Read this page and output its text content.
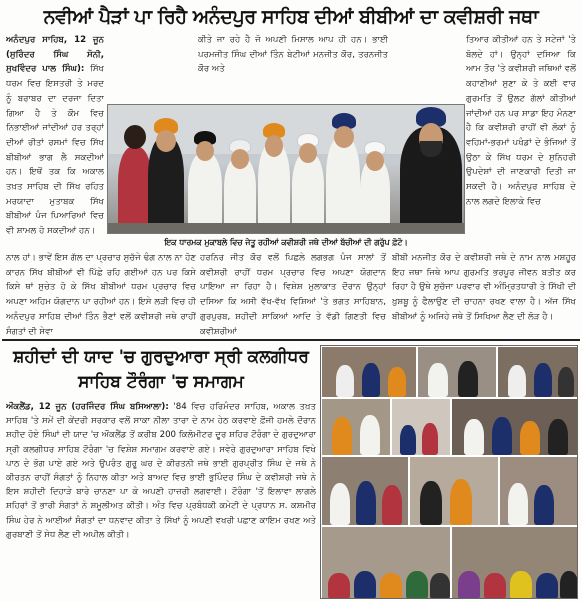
ਨਵੀਆਂ ਪੈੜਾਂ ਪਾ ਰਿਹੈ ਅਨੰਦਪੁਰ ਸਾਹਿਬ ਦੀਆਂ ਬੀਬੀਆਂ ਦਾ ਕਵੀਸ਼ਰੀ ਜਥਾ

ਅਨੰਦਪੁਰ ਸਾਹਿਬ, 12 ਜੂਨ (ਸੁਰਿੰਦਰ ਸਿੰਘ ਸੋਨੀ, ਸੁਖਵਿੰਦਰ ਪਾਲ ਸਿੰਘ): ਸਿੱਖ ਧਰਮ ਵਿਚ ਇਸਤਰੀ ਤੇ ਮਰਦ ਨੂੰ ਬਰਾਬਰ ਦਾ ਦਰਜਾ ਦਿਤਾ ਗਿਆ ਹੈ ਤੇ ਕੌਮ ਵਿਚ ਨਿਭਾਈਆਂ ਜਾਂਦੀਆਂ ਹਰ ਤਰ੍ਹਾਂ ਦੀਆਂ ਰੀਤਾਂ ਰਸਮਾਂ ਵਿਚ ਸਿੱਖ ਬੀਬੀਆਂ ਭਾਗ ਲੈ ਸਕਦੀਆਂ ਹਨ। ਇਥੋਂ ਤਕ ਕਿ ਅਕਾਲ ਤਖ਼ਤ ਸਾਹਿਬ ਦੀ ਸਿੱਖ ਰਹਿਤ ਮਰਯਾਦਾ ਮੁਤਾਬਕ ਸਿੱਖ ਬੀਬੀਆਂ ਪੰਜ ਪਿਆਰਿਆਂ ਵਿਚ ਵੀ ਸ਼ਾਮਲ ਹੋ ਸਕਦੀਆਂ ਹਨ।

ਕੀਤੇ ਜਾ ਰਹੇ ਹੈ ਜੋ ਅਪਣੀ ਮਿਸਾਲ ਆਪ ਹੀ ਹਨ। ਭਾਈ ਪਰਮਜੀਤ ਸਿੰਘ ਦੀਆਂ ਤਿੰਨ ਬੇਟੀਆਂ ਮਨਜੀਤ ਕੌਰ, ਤਰਨਜੀਤ ਕੌਰ ਅਤੇ

ਤਿਆਰ ਕੀਤੀਆਂ ਹਨ ਤੇ ਸਟੇਜਾਂ 'ਤੇ ਬੋਲਦੇ ਹਾਂ। ਉਨ੍ਹਾਂ ਦਸਿਆ ਕਿ ਆਮ ਤੌਰ 'ਤੇ ਕਵੀਸ਼ਰੀ ਜਥਿਆਂ ਵਲੋਂ ਕਹਾਣੀਆਂ ਸੁਣਾ ਕੇ ਤੇ ਕਈ ਵਾਰ ਗੁਰਮਤਿ ਤੋਂ ਉਲਟ ਗੱਲਾਂ ਕੀਤੀਆਂ ਜਾਂਦੀਆਂ ਹਨ ਪਰ ਸਾਡਾ ਇਹ ਮੰਨਣਾ ਹੈ ਕਿ ਕਵੀਸ਼ਰੀ ਰਾਹੀਂ ਵੀ ਲੋਕਾਂ ਨੂੰ ਵਹਿਮਾਂ-ਭਰਮਾਂ ਪਖੰਡਾਂ ਦੇ ਭੰਜਿਆਂ ਤੋਂ ਉਠਾ ਕੇ ਸਿੱਖ ਧਰਮ ਦੇ ਸੁਨਿਹਰੀ ਉਪਦੇਸ਼ਾਂ ਦੀ ਜਾਣਕਾਰੀ ਦਿਤੀ ਜਾ ਸਕਦੀ ਹੈ। ਅਨੰਦਪੁਰ ਸਾਹਿਬ ਦੇ ਨਾਲ ਲਗਦੇ ਇਲਾਕੇ ਵਿਚ

ਇਕ ਧਾਰਮਕ ਮੁਕਾਬਲੇ ਵਿਚ ਜੇਤੂ ਰਹੀਆਂ ਕਵੀਸ਼ਰੀ ਜਥੇ ਦੀਆਂ ਬੱਚੀਆਂ ਦੀ ਗਰੁੱਪ ਫ਼ੋਟੋ।

ਨਾਲ ਹਾਂ। ਭਾਵੇਂ ਇਸ ਗੱਲ ਦਾ ਪ੍ਰਚਾਰ ਸੁਚੱਜੇ ਢੰਗ ਨਾਲ ਨਾ ਹੋਣ ਕਾਰਨ ਸਿੱਖ ਬੀਬੀਆਂ ਵੀ ਪਿੱਛੇ ਰਹਿ ਗਈਆਂ ਹਨ ਪਰ ਕਿਸੇ ਕਿਸੇ ਥਾਂ ਸੁਚੇਤ ਹੋ ਕੇ ਸਿੱਖ ਬੀਬੀਆਂ ਧਰਮ ਪ੍ਰਚਾਰ ਵਿਚ ਅਪਣਾ ਅਹਿਮ ਯੋਗਦਾਨ ਪਾ ਰਹੀਆਂ ਹਨ। ਇਸੇ ਲੜੀ ਵਿਚ ਹੀ ਅਨੰਦਪੁਰ ਸਾਹਿਬ ਦੀਆਂ ਤਿੰਨ ਭੈਣਾਂ ਵਲੋਂ ਕਵੀਸ਼ਰੀ ਜਥੇ ਰਾਹੀਂ ਸੰਗਤਾਂ ਦੀ ਸੇਵਾ

ਹਰਨਿਰ ਜੀਤ ਕੌਰ ਵਲੋਂ ਪਿਛਲੇ ਲਗਭਗ ਪੰਜ ਸਾਲਾਂ ਤੋਂ ਕਵੀਸ਼ਰੀ ਰਾਹੀਂ ਧਰਮ ਪ੍ਰਚਾਰ ਵਿਚ ਅਪਣਾ ਯੋਗਦਾਨ ਪਾਇਆ ਜਾ ਰਿਹਾ ਹੈ। ਵਿਸ਼ੇਸ਼ ਮੁਲਾਕਾਤ ਦੌਰਾਨ ਉਨ੍ਹਾਂ ਦਸਿਆ ਕਿ ਅਸੀ ਵੱਖ-ਵੱਖ ਵਿਸ਼ਿਆਂ 'ਤੇ ਭਗਤ ਸਾਹਿਬਾਨ, ਗੁਰਪੁਰਬ, ਸ਼ਹੀਦੀ ਸਾਕਿਆਂ ਆਦਿ ਤੇ ਵੱਡੀ ਗਿਣਤੀ ਵਿਚ ਕਵੀਸ਼ਰੀਆਂ

ਬੀਬੀ ਮਨਜੀਤ ਕੌਰ ਦੇ ਕਵੀਸ਼ਰੀ ਜਥੇ ਦੇ ਨਾਮ ਨਾਲ ਮਸ਼ਹੂਰ ਇਹ ਜਥਾ ਜਿਥੇ ਆਪ ਗੁਰਮਤਿ ਭਰਪੂਰ ਜੀਵਨ ਬਤੀਤ ਕਰ ਰਿਹਾ ਹੈ ਉਥੇ ਸੁਚੱਜਾ ਪਰਵਾਰ ਵੀ ਅੰਮ੍ਰਿਤਧਾਰੀ ਤੇ ਸਿੱਖੀ ਦੀ ਖ਼ੁਸ਼ਬੂ ਨੂੰ ਫੈਲਾਉਣ ਦੀ ਚਾਹਨਾ ਰਖਣ ਵਾਲਾ ਹੈ। ਅੱਜ ਸਿੱਖ ਬੀਬੀਆਂ ਨੂੰ ਅਜਿਹੇ ਜਥੇ ਤੋਂ ਸਿਖਿਆ ਲੈਣ ਦੀ ਲੋੜ ਹੈ।

ਸ਼ਹੀਦਾਂ ਦੀ ਯਾਦ 'ਚ ਗੁਰਦੁਆਰਾ ਸ੍ਰੀ ਕਲਗੀਧਰ ਸਾਹਿਬ ਟੌਰੰਗਾ 'ਚ ਸਮਾਗਮ

ਔਕਲੈਂਡ, 12 ਜੂਨ (ਹਰਜਿੰਦਰ ਸਿੰਘ ਬਸਿਆਲਾ): '84 ਵਿਚ ਹਰਿਮੰਦਰ ਸਾਹਿਬ, ਅਕਾਲ ਤਖ਼ਤ ਸਾਹਿਬ 'ਤੇ ਸਮੇਂ ਦੀ ਕੇਂਦਰੀ ਸਰਕਾਰ ਵਲੋਂ ਸਾਕਾ ਨੀਲਾ ਤਾਰਾ ਦੇ ਨਾਮ ਹੇਠ ਕਰਵਾਏ ਫ਼ੌਜੀ ਹਮਲੇ ਦੌਰਾਨ ਸ਼ਹੀਦ ਹੋਏ ਸਿੰਘਾਂ ਦੀ ਯਾਦ 'ਚ ਔਕਲੈਂਡ ਤੋਂ ਕਰੀਬ 200 ਕਿਲੋਮੀਟਰ ਦੂਰ ਸ਼ਹਿਰ ਟੌਰੰਗਾ ਦੇ ਗੁਰਦੁਆਰਾ ਸ੍ਰੀ ਕਲਗੀਧਰ ਸਾਹਿਬ ਟੌਰੰਗਾ 'ਚ ਵਿਸ਼ੇਸ਼ ਸਮਾਗਮ ਕਰਵਾਏ ਗਏ। ਸਵੇਰੇ ਗੁਰਦੁਆਰਾ ਸਾਹਿਬ ਵਿਖੇ ਪਾਠ ਦੇ ਭੋਗ ਪਾਏ ਗਏ ਅਤੇ ਉਪਰੰਤ ਗੁਰੂ ਘਰ ਦੇ ਕੀਰਤਨੀ ਜਥੇ ਭਾਈ ਗੁਰਪ੍ਰੀਤ ਸਿੰਘ ਦੇ ਜਥੇ ਨੇ ਕੀਰਤਨ ਰਾਹੀਂ ਸੰਗਤਾਂ ਨੂੰ ਨਿਹਾਲ ਕੀਤਾ ਅਤੇ ਬਾਅਦ ਵਿਚ ਭਾਈ ਭੁਪਿੰਦਰ ਸਿੰਘ ਦੇ ਕਵੀਸ਼ਰੀ ਜਥੇ ਨੇ ਇਸ ਸ਼ਹੀਦੀ ਦਿਹਾੜੇ ਬਾਰੇ ਚਾਨਣਾ ਪਾ ਕੇ ਅਪਣੀ ਹਾਜ਼ਰੀ ਲਗਵਾਈ। ਟੌਰੰਗਾ 'ਤੋਂ ਇਲਾਵਾ ਲਾਗਲੇ ਸ਼ਹਿਰਾਂ ਤੋਂ ਭਾਰੀ ਸੰਗਤਾਂ ਨੇ ਸ਼ਮੂਲੀਅਤ ਕੀਤੀ। ਅੰਤ ਵਿਚ ਪ੍ਰਬੰਧਕੀ ਕਮੇਟੀ ਦੇ ਪ੍ਰਧਾਨ ਸ. ਕਸ਼ਮੀਰ ਸਿੰਘ ਹੇਰ ਨੇ ਆਈਆਂ ਸੰਗਤਾਂ ਦਾ ਧਨਵਾਦ ਕੀਤਾ ਤੇ ਸਿੱਖਾਂ ਨੂੰ ਅਪਣੀ ਵਖਰੀ ਪਛਾਣ ਕਾਇਮ ਰਖਣ ਅਤੇ ਗੁਰਬਾਣੀ ਤੋਂ ਸੇਧ ਲੈਣ ਦੀ ਅਪੀਲ ਕੀਤੀ।
